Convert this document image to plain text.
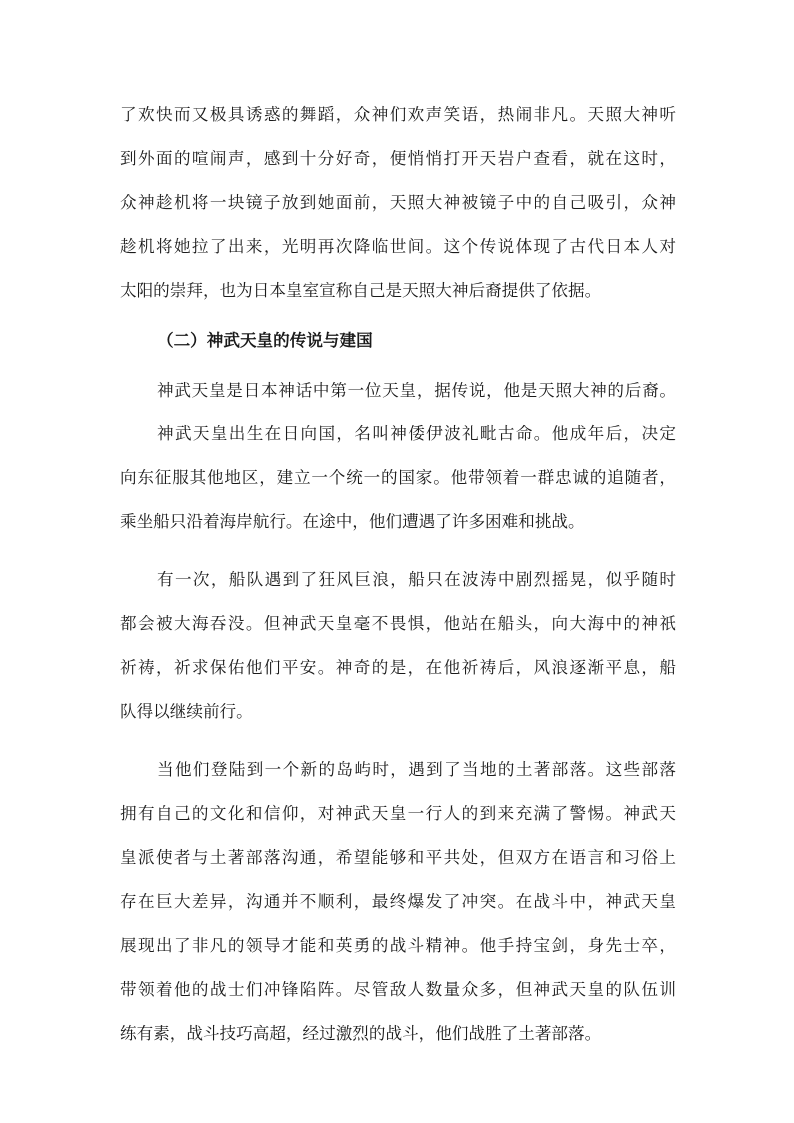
了欢快而又极具诱惑的舞蹈，众神们欢声笑语，热闹非凡。天照大神听
到外面的喧闹声，感到十分好奇，便悄悄打开天岩户查看，就在这时，
众神趁机将一块镜子放到她面前，天照大神被镜子中的自己吸引，众神
趁机将她拉了出来，光明再次降临世间。这个传说体现了古代日本人对
太阳的崇拜，也为日本皇室宣称自己是天照大神后裔提供了依据。
神武天皇是日本神话中第一位天皇，据传说，他是天照大神的后裔。
神武天皇出生在日向国，名叫神倭伊波礼毗古命。他成年后，决定
向东征服其他地区，建立一个统一的国家。他带领着一群忠诚的追随者，
乘坐船只沿着海岸航行。在途中，他们遭遇了许多困难和挑战。
有一次，船队遇到了狂风巨浪，船只在波涛中剧烈摇晃，似乎随时
都会被大海吞没。但神武天皇毫不畏惧，他站在船头，向大海中的神祇
祈祷，祈求保佑他们平安。神奇的是，在他祈祷后，风浪逐渐平息，船
队得以继续前行。
当他们登陆到一个新的岛屿时，遇到了当地的土著部落。这些部落
拥有自己的文化和信仰，对神武天皇一行人的到来充满了警惕。神武天
皇派使者与土著部落沟通，希望能够和平共处，但双方在语言和习俗上
存在巨大差异，沟通并不顺利，最终爆发了冲突。在战斗中，神武天皇
展现出了非凡的领导才能和英勇的战斗精神。他手持宝剑，身先士卒，
带领着他的战士们冲锋陷阵。尽管敌人数量众多，但神武天皇的队伍训
练有素，战斗技巧高超，经过激烈的战斗，他们战胜了土著部落。
（二）神武天皇的传说与建国
